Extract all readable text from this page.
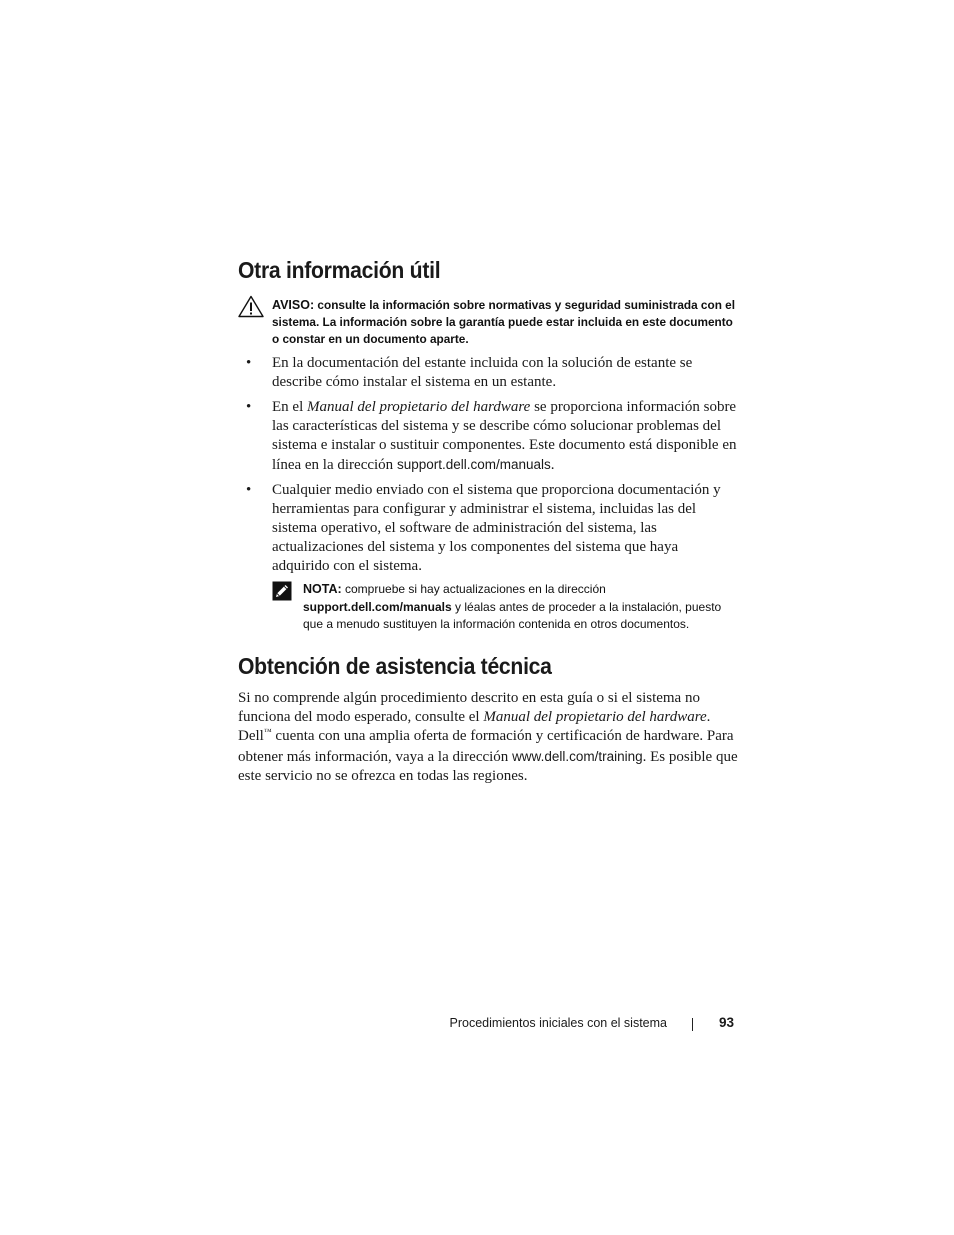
Otra información útil
AVISO: consulte la información sobre normativas y seguridad suministrada con el sistema. La información sobre la garantía puede estar incluida en este documento o constar en un documento aparte.
• En la documentación del estante incluida con la solución de estante se describe cómo instalar el sistema en un estante.
• En el Manual del propietario del hardware se proporciona información sobre las características del sistema y se describe cómo solucionar problemas del sistema e instalar o sustituir componentes. Este documento está disponible en línea en la dirección support.dell.com/manuals.
• Cualquier medio enviado con el sistema que proporciona documentación y herramientas para configurar y administrar el sistema, incluidas las del sistema operativo, el software de administración del sistema, las actualizaciones del sistema y los componentes del sistema que haya adquirido con el sistema.
NOTA: compruebe si hay actualizaciones en la dirección
support.dell.com/manuals y léalas antes de proceder a la instalación, puesto que a menudo sustituyen la información contenida en otros documentos.
Obtención de asistencia técnica

Si no comprende algún procedimiento descrito en esta guía o si el sistema no funciona del modo esperado, consulte el Manual del propietario del hardware. Dell™ cuenta con una amplia oferta de formación y certificación de hardware. Para obtener más información, vaya a la dirección www.dell.com/training. Es posible que este servicio no se ofrezca en todas las regiones.

Procedimientos iniciales con el sistema	93
